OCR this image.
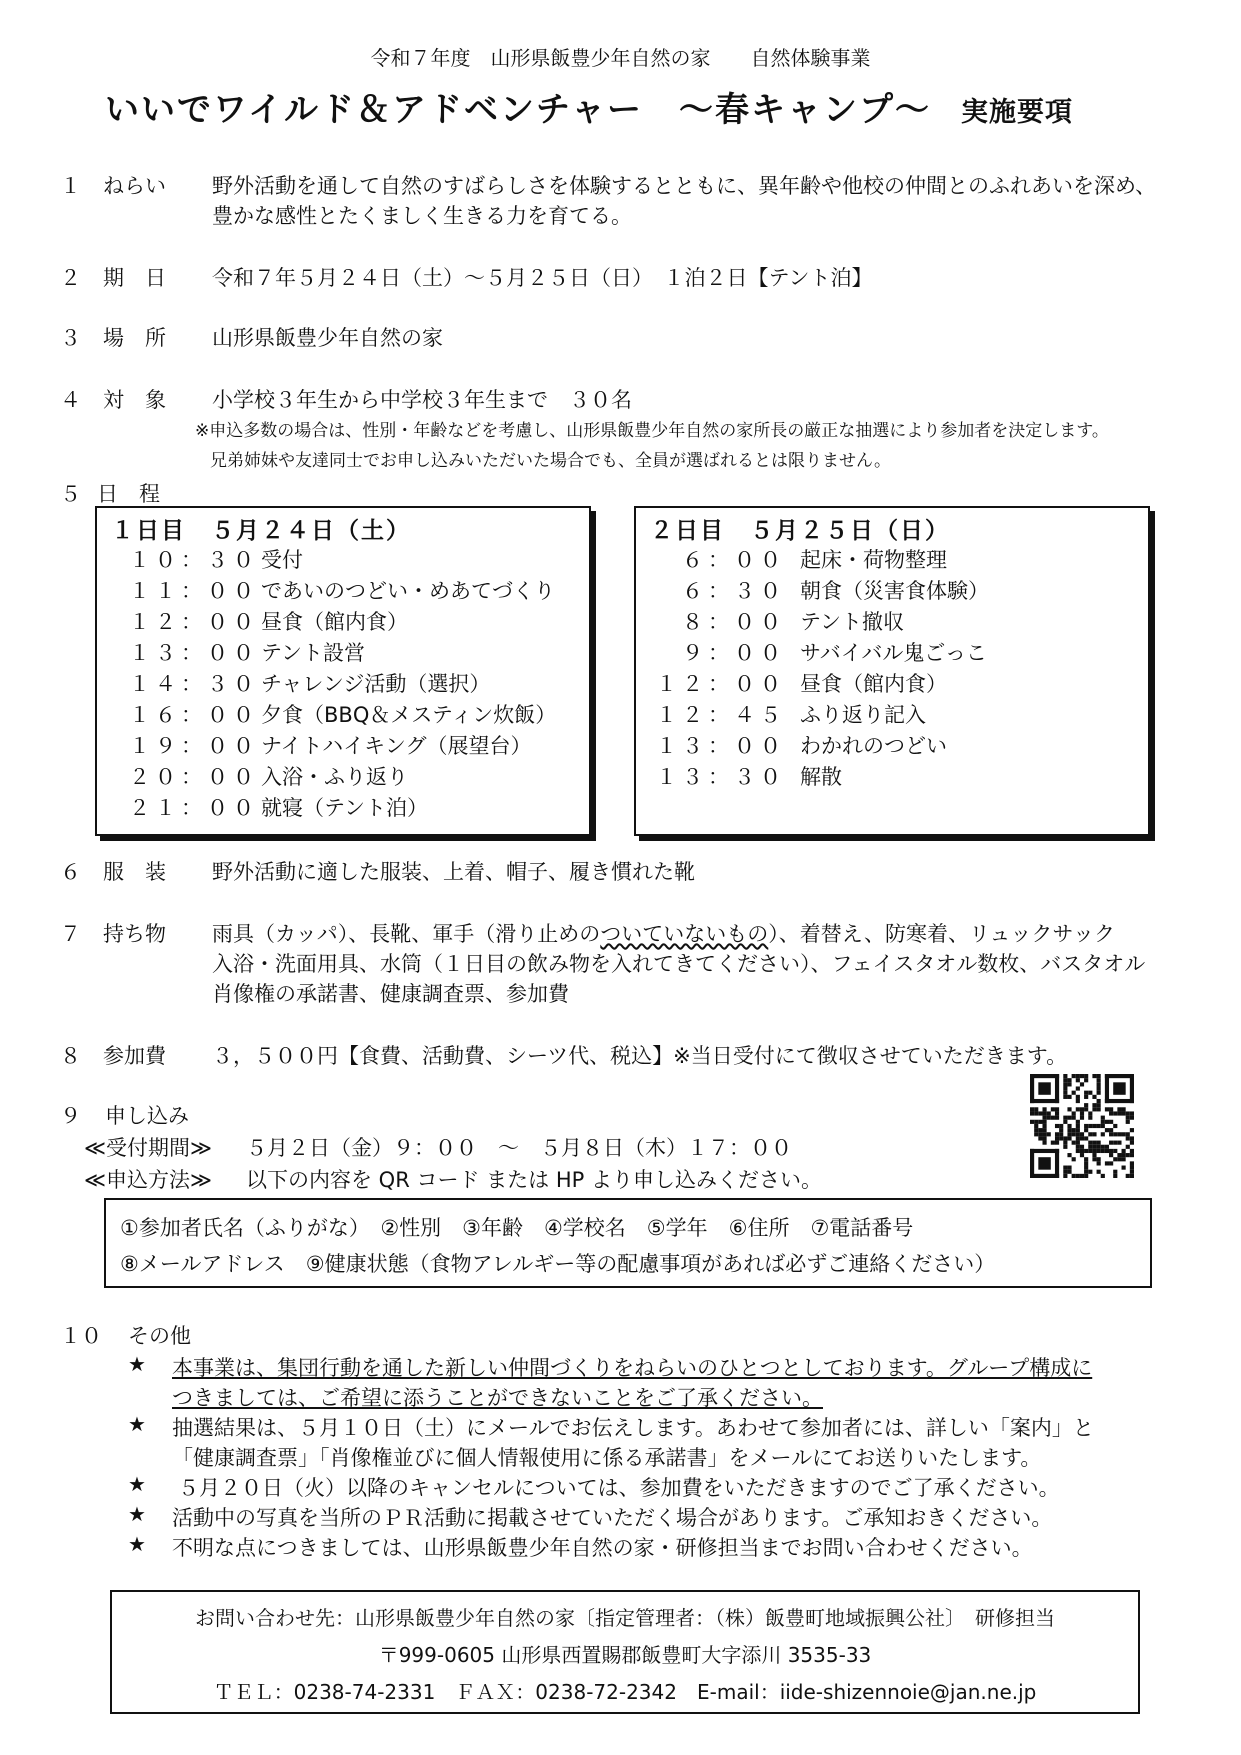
令和７年度　山形県飯豊少年自然の家　　自然体験事業
いいでワイルド＆アドベンチャー　～春キャンプ～ 実施要項
１ ねらい 野外活動を通して自然のすばらしさを体験するとともに、異年齢や他校の仲間とのふれあいを深め、
豊かな感性とたくましく生きる力を育てる。
２ 期　日 令和７年５月２４日（土）～５月２５日（日）　１泊２日【テント泊】
３ 場　所 山形県飯豊少年自然の家
４ 対　象 小学校３年生から中学校３年生まで　３０名
※申込多数の場合は、性別・年齢などを考慮し、山形県飯豊少年自然の家所長の厳正な抽選により参加者を決定します。
兄弟姉妹や友達同士でお申し込みいただいた場合でも、全員が選ばれるとは限りません。
５ 日　程
１日目　５月２４日（土）
１０：３０ 受付
１１：００ であいのつどい・めあてづくり
１２：００ 昼食（館内食）
１３：００ テント設営
１４：３０ チャレンジ活動（選択）
１６：００ 夕食（BBQ＆メスティン炊飯）
１９：００ ナイトハイキング（展望台）
２０：００ 入浴・ふり返り
２１：００ 就寝（テント泊）
２日目　５月２５日（日）
６：００ 起床・荷物整理
６：３０ 朝食（災害食体験）
８：００ テント撤収
９：００ サバイバル鬼ごっこ
１２：００ 昼食（館内食）
１２：４５ ふり返り記入
１３：００ わかれのつどい
１３：３０ 解散
６ 服　装 野外活動に適した服装、上着、帽子、履き慣れた靴
７ 持ち物 雨具（カッパ）、長靴、軍手（滑り止めのついていないもの）、着替え、防寒着、リュックサック
入浴・洗面用具、水筒（１日目の飲み物を入れてきてください）、フェイスタオル数枚、バスタオル
肖像権の承諾書、健康調査票、参加費
８ 参加費 ３，５００円【食費、活動費、シーツ代、税込】※当日受付にて徴収させていただきます。
９ 申し込み
≪受付期間≫ ５月２日（金）９：００　～　５月８日（木）１７：００
≪申込方法≫ 以下の内容を QR コード または HP より申し込みください。
①参加者氏名（ふりがな）　②性別　③年齢　④学校名　⑤学年　⑥住所　⑦電話番号
⑧メールアドレス　⑨健康状態（食物アレルギー等の配慮事項があれば必ずご連絡ください）
１０ その他
★ 本事業は、集団行動を通した新しい仲間づくりをねらいのひとつとしております。グループ構成に
つきましては、ご希望に添うことができないことをご了承ください。
★ 抽選結果は、５月１０日（土）にメールでお伝えします。あわせて参加者には、詳しい「案内」と
「健康調査票」「肖像権並びに個人情報使用に係る承諾書」をメールにてお送りいたします。
★ ５月２０日（火）以降のキャンセルについては、参加費をいただきますのでご了承ください。
★ 活動中の写真を当所のＰＲ活動に掲載させていただく場合があります。ご承知おきください。
★ 不明な点につきましては、山形県飯豊少年自然の家・研修担当までお問い合わせください。
お問い合わせ先：山形県飯豊少年自然の家〔指定管理者：（株）飯豊町地域振興公社〕　研修担当
〒999-0605 山形県西置賜郡飯豊町大字添川 3535-33
ＴＥＬ：0238-74-2331　ＦＡＸ：0238-72-2342　E-mail：iide-shizennoie@jan.ne.jp
